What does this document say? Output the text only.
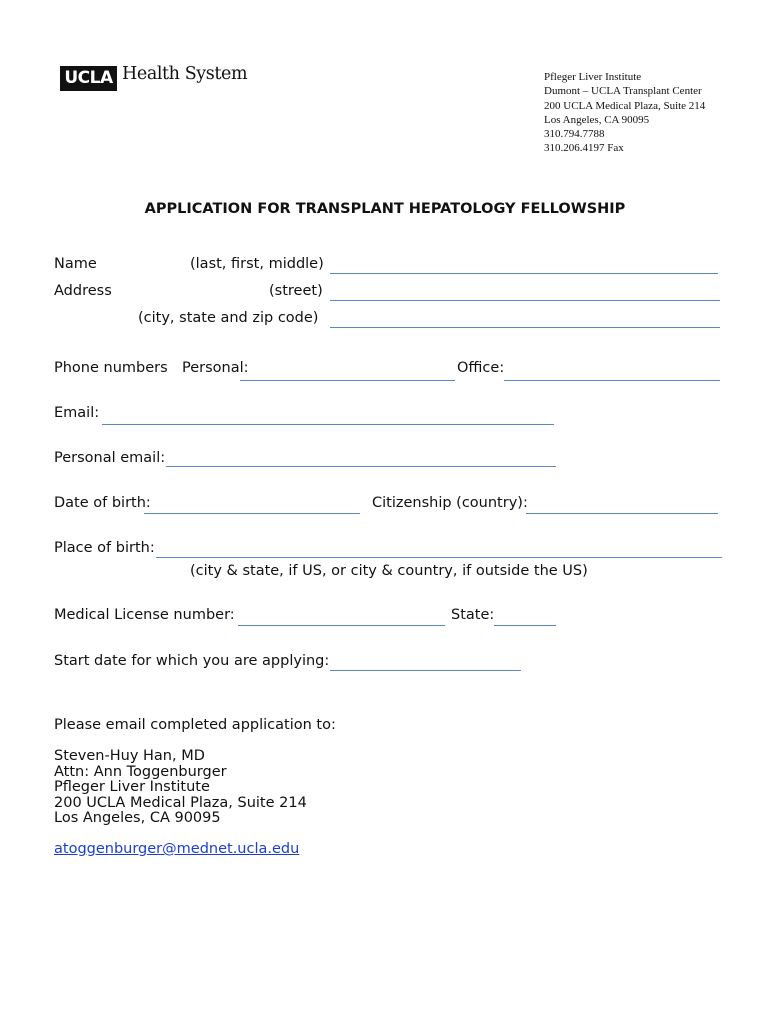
UCLA Health System	Pfleger Liver Institute
Dumont – UCLA Transplant Center
200 UCLA Medical Plaza, Suite 214
Los Angeles, CA 90095
310.794.7788
310.206.4197 Fax
APPLICATION FOR TRANSPLANT HEPATOLOGY FELLOWSHIP
Name	(last, first, middle)
Address	(street)
(city, state and zip code)
Phone numbers Personal:	Office:
Email:
Personal email:
Date of birth:	Citizenship (country):
Place of birth:
(city & state, if US, or city & country, if outside the US)
Medical License number:	State:
Start date for which you are applying:
Please email completed application to:
Steven-Huy Han, MD
Attn: Ann Toggenburger
Pfleger Liver Institute
200 UCLA Medical Plaza, Suite 214
Los Angeles, CA 90095
atoggenburger@mednet.ucla.edu
